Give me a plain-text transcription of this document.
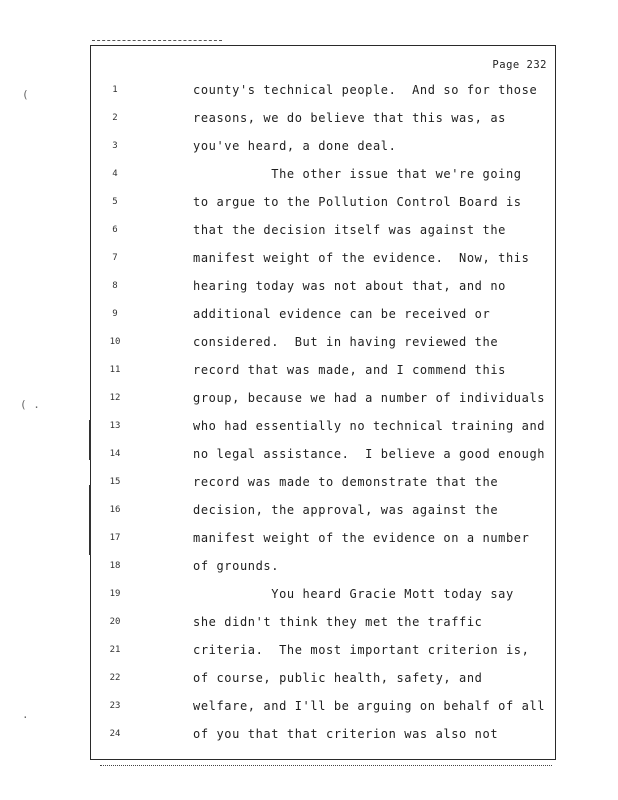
(
( .
.
Page 232
1	county's technical people.  And so for those
2	reasons, we do believe that this was, as
3	you've heard, a done deal.
4	The other issue that we're going
5	to argue to the Pollution Control Board is
6	that the decision itself was against the
7	manifest weight of the evidence.  Now, this
8	hearing today was not about that, and no
9	additional evidence can be received or
10	considered.  But in having reviewed the
11	record that was made, and I commend this
12	group, because we had a number of individuals
13	who had essentially no technical training and
14	no legal assistance.  I believe a good enough
15	record was made to demonstrate that the
16	decision, the approval, was against the
17	manifest weight of the evidence on a number
18	of grounds.
19	You heard Gracie Mott today say
20	she didn't think they met the traffic
21	criteria.  The most important criterion is,
22	of course, public health, safety, and
23	welfare, and I'll be arguing on behalf of all
24	of you that that criterion was also not
